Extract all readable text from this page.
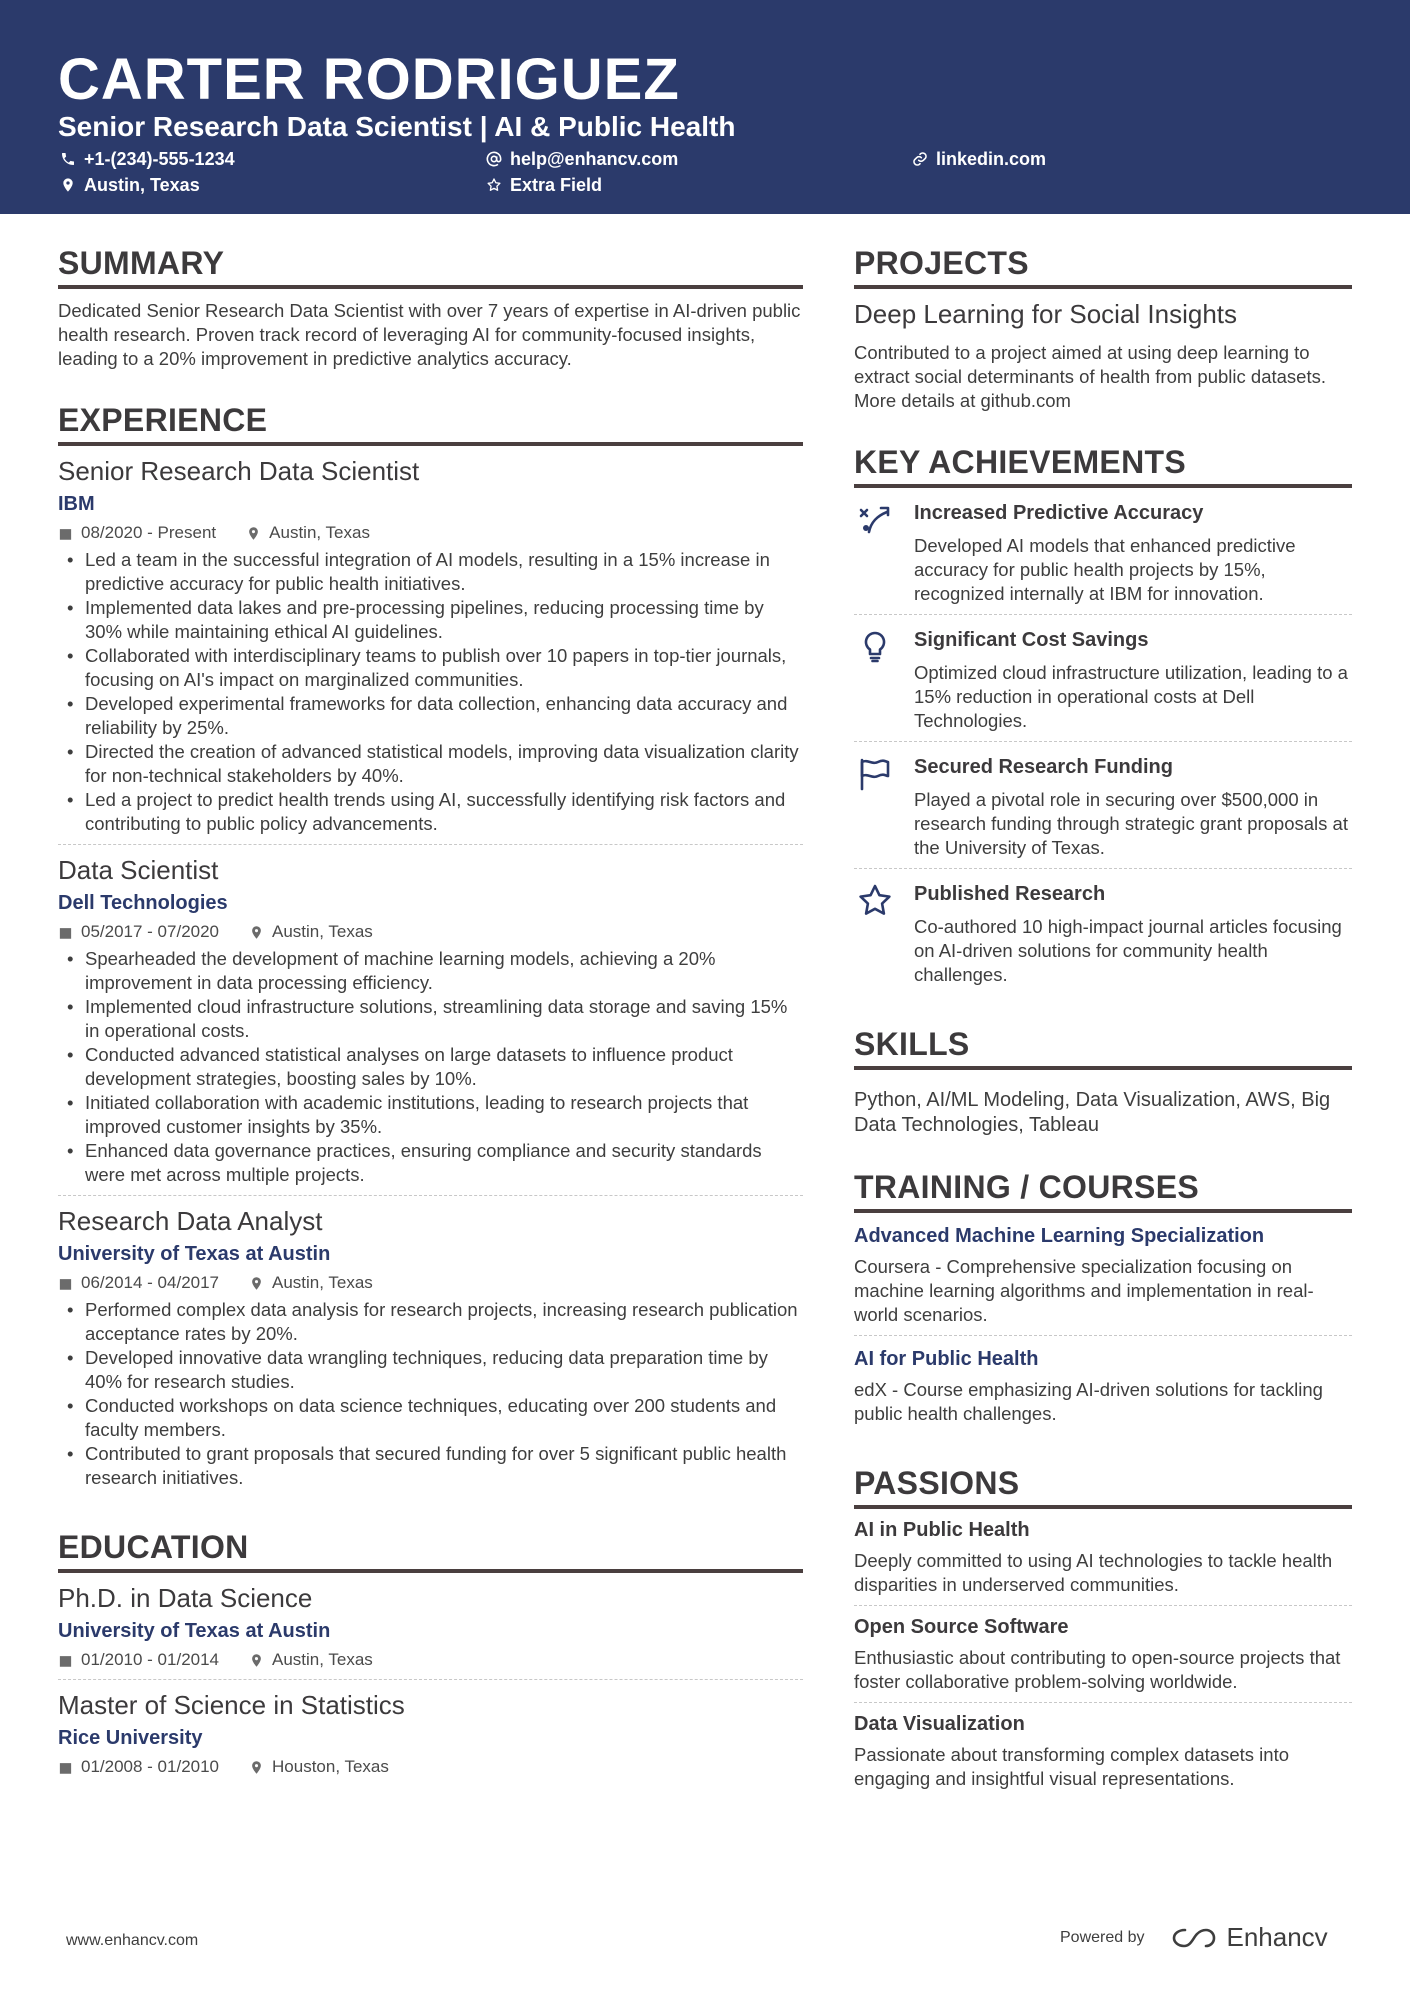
CARTER RODRIGUEZ
Senior Research Data Scientist | AI & Public Health
+1-(234)-555-1234	help@enhancv.com	linkedin.com
Austin, Texas	Extra Field
SUMMARY
Dedicated Senior Research Data Scientist with over 7 years of expertise in AI-driven public health research. Proven track record of leveraging AI for community-focused insights, leading to a 20% improvement in predictive analytics accuracy.
EXPERIENCE
Senior Research Data Scientist
IBM
08/2020 - Present	Austin, Texas
• Led a team in the successful integration of AI models, resulting in a 15% increase in predictive accuracy for public health initiatives.
• Implemented data lakes and pre-processing pipelines, reducing processing time by 30% while maintaining ethical AI guidelines.
• Collaborated with interdisciplinary teams to publish over 10 papers in top-tier journals, focusing on AI's impact on marginalized communities.
• Developed experimental frameworks for data collection, enhancing data accuracy and reliability by 25%.
• Directed the creation of advanced statistical models, improving data visualization clarity for non-technical stakeholders by 40%.
• Led a project to predict health trends using AI, successfully identifying risk factors and contributing to public policy advancements.
Data Scientist
Dell Technologies
05/2017 - 07/2020	Austin, Texas
• Spearheaded the development of machine learning models, achieving a 20% improvement in data processing efficiency.
• Implemented cloud infrastructure solutions, streamlining data storage and saving 15% in operational costs.
• Conducted advanced statistical analyses on large datasets to influence product development strategies, boosting sales by 10%.
• Initiated collaboration with academic institutions, leading to research projects that improved customer insights by 35%.
• Enhanced data governance practices, ensuring compliance and security standards were met across multiple projects.
Research Data Analyst
University of Texas at Austin
06/2014 - 04/2017	Austin, Texas
• Performed complex data analysis for research projects, increasing research publication acceptance rates by 20%.
• Developed innovative data wrangling techniques, reducing data preparation time by 40% for research studies.
• Conducted workshops on data science techniques, educating over 200 students and faculty members.
• Contributed to grant proposals that secured funding for over 5 significant public health research initiatives.
EDUCATION
Ph.D. in Data Science
University of Texas at Austin
01/2010 - 01/2014	Austin, Texas
Master of Science in Statistics
Rice University
01/2008 - 01/2010	Houston, Texas
PROJECTS
Deep Learning for Social Insights
Contributed to a project aimed at using deep learning to extract social determinants of health from public datasets. More details at github.com
KEY ACHIEVEMENTS
Increased Predictive Accuracy
Developed AI models that enhanced predictive accuracy for public health projects by 15%, recognized internally at IBM for innovation.
Significant Cost Savings
Optimized cloud infrastructure utilization, leading to a 15% reduction in operational costs at Dell Technologies.
Secured Research Funding
Played a pivotal role in securing over $500,000 in research funding through strategic grant proposals at the University of Texas.
Published Research
Co-authored 10 high-impact journal articles focusing on AI-driven solutions for community health challenges.
SKILLS
Python, AI/ML Modeling, Data Visualization, AWS, Big Data Technologies, Tableau
TRAINING / COURSES
Advanced Machine Learning Specialization
Coursera - Comprehensive specialization focusing on machine learning algorithms and implementation in real-world scenarios.
AI for Public Health
edX - Course emphasizing AI-driven solutions for tackling public health challenges.
PASSIONS
AI in Public Health
Deeply committed to using AI technologies to tackle health disparities in underserved communities.
Open Source Software
Enthusiastic about contributing to open-source projects that foster collaborative problem-solving worldwide.
Data Visualization
Passionate about transforming complex datasets into engaging and insightful visual representations.
www.enhancv.com	Powered by	Enhancv
